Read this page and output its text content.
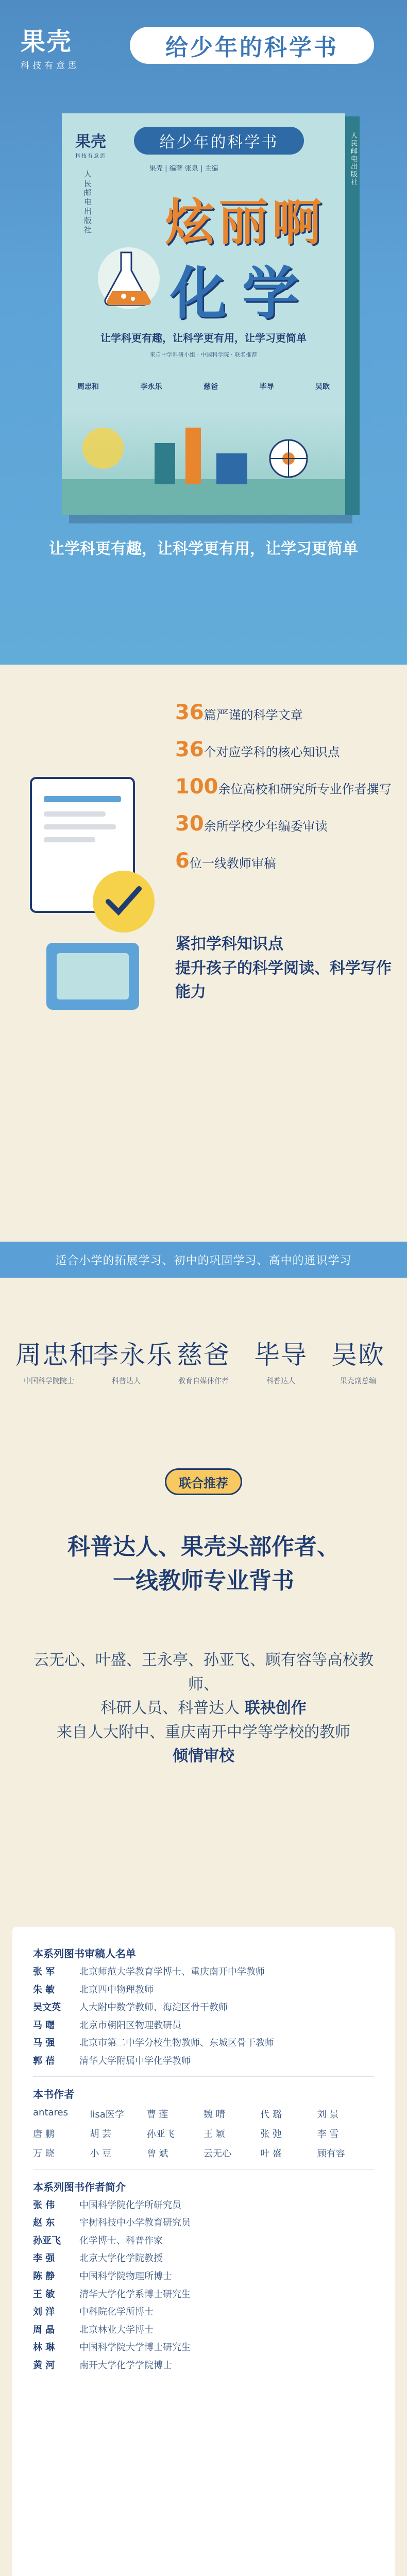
果壳
科技有意思
给少年的科学书
果壳
科技有意思
给少年的科学书
果壳 | 编著 张泉 | 主编
人民邮电出版社 炫丽啊
化学
让学科更有趣，让科学更有用，让学习更简单
来自中学科研小组 · 中国科学院 · 联名推荐
周忠和	李永乐	慈爸	毕导	吴欧
人民邮电出版社
让学科更有趣，让科学更有用，让学习更简单
36篇严谨的科学文章
36个对应学科的核心知识点
100余位高校和研究所专业作者撰写
30余所学校少年编委审读
6位一线教师审稿
紧扣学科知识点
提升孩子的科学阅读、科学写作能力
适合小学的拓展学习、初中的巩固学习、高中的通识学习
周忠和
中国科学院院士
李永乐
科普达人
慈爸
教育自媒体作者
毕导
科普达人
吴欧
果壳副总编
联合推荐
科普达人、果壳头部作者、
一线教师专业背书
云无心、叶盛、王永亭、孙亚飞、顾有容等高校教师、
科研人员、科普达人 联袂创作
来自人大附中、重庆南开中学等学校的教师
倾情审校
本系列图书审稿人名单
张 军	北京师范大学教育学博士、重庆南开中学教师
朱 敏	北京四中物理教师
吴文英	人大附中数学教师、海淀区骨干教师
马 曙	北京市朝阳区物理教研员
马 强	北京市第二中学分校生物教师、东城区骨干教师
郭 蓓	清华大学附属中学化学教师
本书作者
antares	lisa医学	曹 莲	魏 晴	代 璐	刘 景
唐 鹏	胡 芸	孙亚飞	王 颖	张 弛	李 雪
万 晓	小 豆	曾 斌	云无心	叶 盛	顾有容
本系列图书作者简介
张 伟	中国科学院化学所研究员
赵 东	宇树科技中小学教育研究员
孙亚飞	化学博士、科普作家
李 强	北京大学化学院教授
陈 静	中国科学院物理所博士
王 敏	清华大学化学系博士研究生
刘 洋	中科院化学所博士
周 晶	北京林业大学博士
林 琳	中国科学院大学博士研究生
黄 河	南开大学化学学院博士
